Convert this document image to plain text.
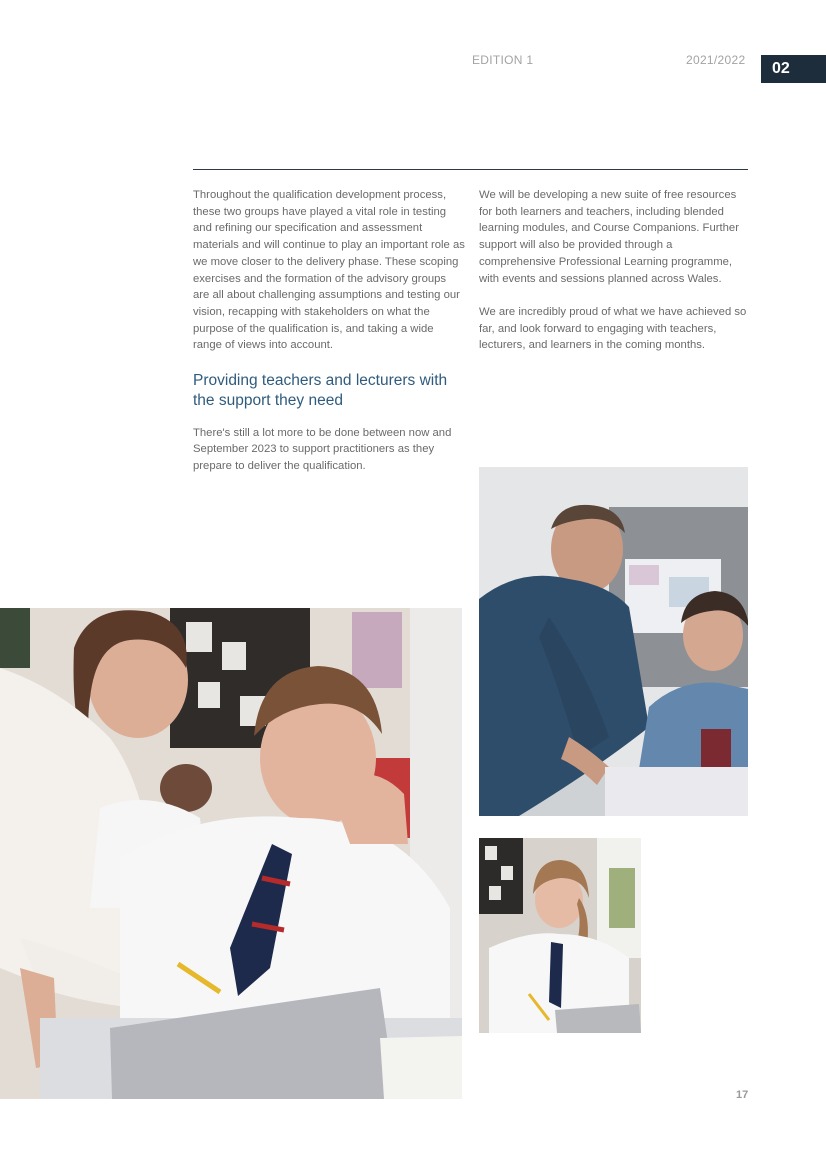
EDITION 1	2021/2022	02

Throughout the qualification development process, these two groups have played a vital role in testing and refining our specification and assessment materials and will continue to play an important role as we move closer to the delivery phase. These scoping exercises and the formation of the advisory groups are all about challenging assumptions and testing our vision, recapping with stakeholders on what the purpose of the qualification is, and taking a wide range of views into account.

Providing teachers and lecturers with the support they need

There's still a lot more to be done between now and September 2023 to support practitioners as they prepare to deliver the qualification.

We will be developing a new suite of free resources for both learners and teachers, including blended learning modules, and Course Companions. Further support will also be provided through a comprehensive Professional Learning programme, with events and sessions planned across Wales.

We are incredibly proud of what we have achieved so far, and look forward to engaging with teachers, lecturers, and learners in the coming months.

17
